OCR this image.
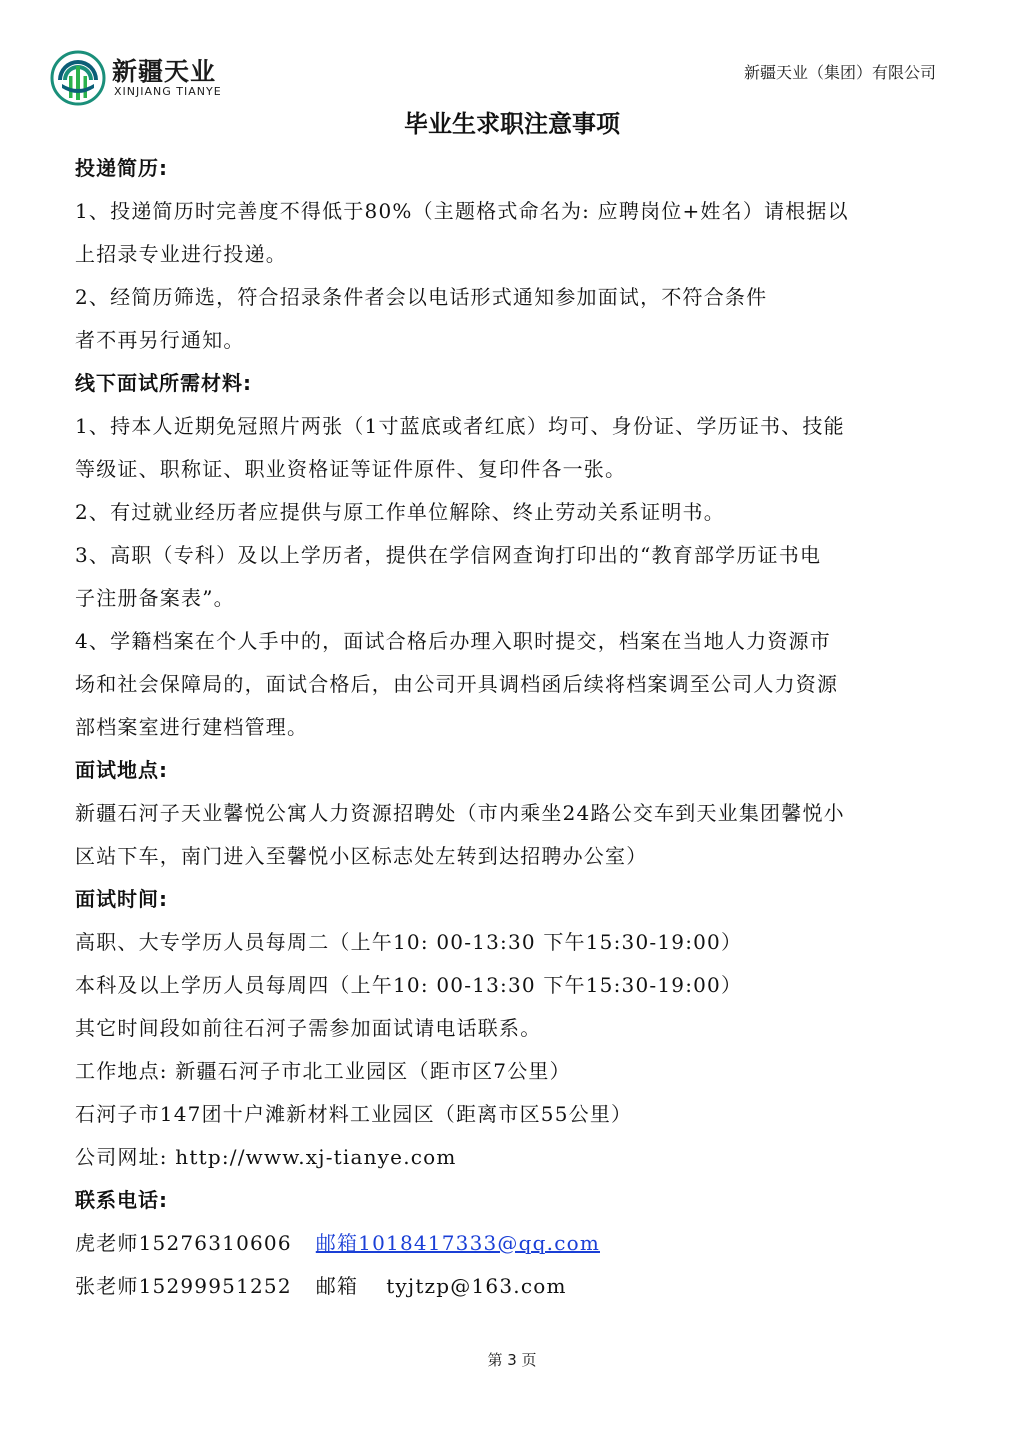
新疆天业
XINJIANG TIANYE
新疆天业（集团）有限公司
毕业生求职注意事项
投递简历:
1、投递简历时完善度不得低于80%（主题格式命名为: 应聘岗位+姓名）请根据以
上招录专业进行投递。
2、经简历筛选，符合招录条件者会以电话形式通知参加面试，不符合条件
者不再另行通知。
线下面试所需材料:
1、持本人近期免冠照片两张（1寸蓝底或者红底）均可、身份证、学历证书、技能
等级证、职称证、职业资格证等证件原件、复印件各一张。
2、有过就业经历者应提供与原工作单位解除、终止劳动关系证明书。
3、高职（专科）及以上学历者，提供在学信网查询打印出的“教育部学历证书电
子注册备案表”。
4、学籍档案在个人手中的，面试合格后办理入职时提交，档案在当地人力资源市
场和社会保障局的，面试合格后，由公司开具调档函后续将档案调至公司人力资源
部档案室进行建档管理。
面试地点:
新疆石河子天业馨悦公寓人力资源招聘处（市内乘坐24路公交车到天业集团馨悦小
区站下车，南门进入至馨悦小区标志处左转到达招聘办公室）
面试时间:
高职、大专学历人员每周二（上午10: 00-13:30 下午15:30-19:00）
本科及以上学历人员每周四（上午10: 00-13:30 下午15:30-19:00）
其它时间段如前往石河子需参加面试请电话联系。
工作地点: 新疆石河子市北工业园区（距市区7公里）
石河子市147团十户滩新材料工业园区（距离市区55公里）
公司网址: http://www.xj-tianye.com
联系电话:
虎老师15276310606 邮箱1018417333@qq.com
张老师15299951252 邮箱 tyjtzp@163.com
第 3 页
